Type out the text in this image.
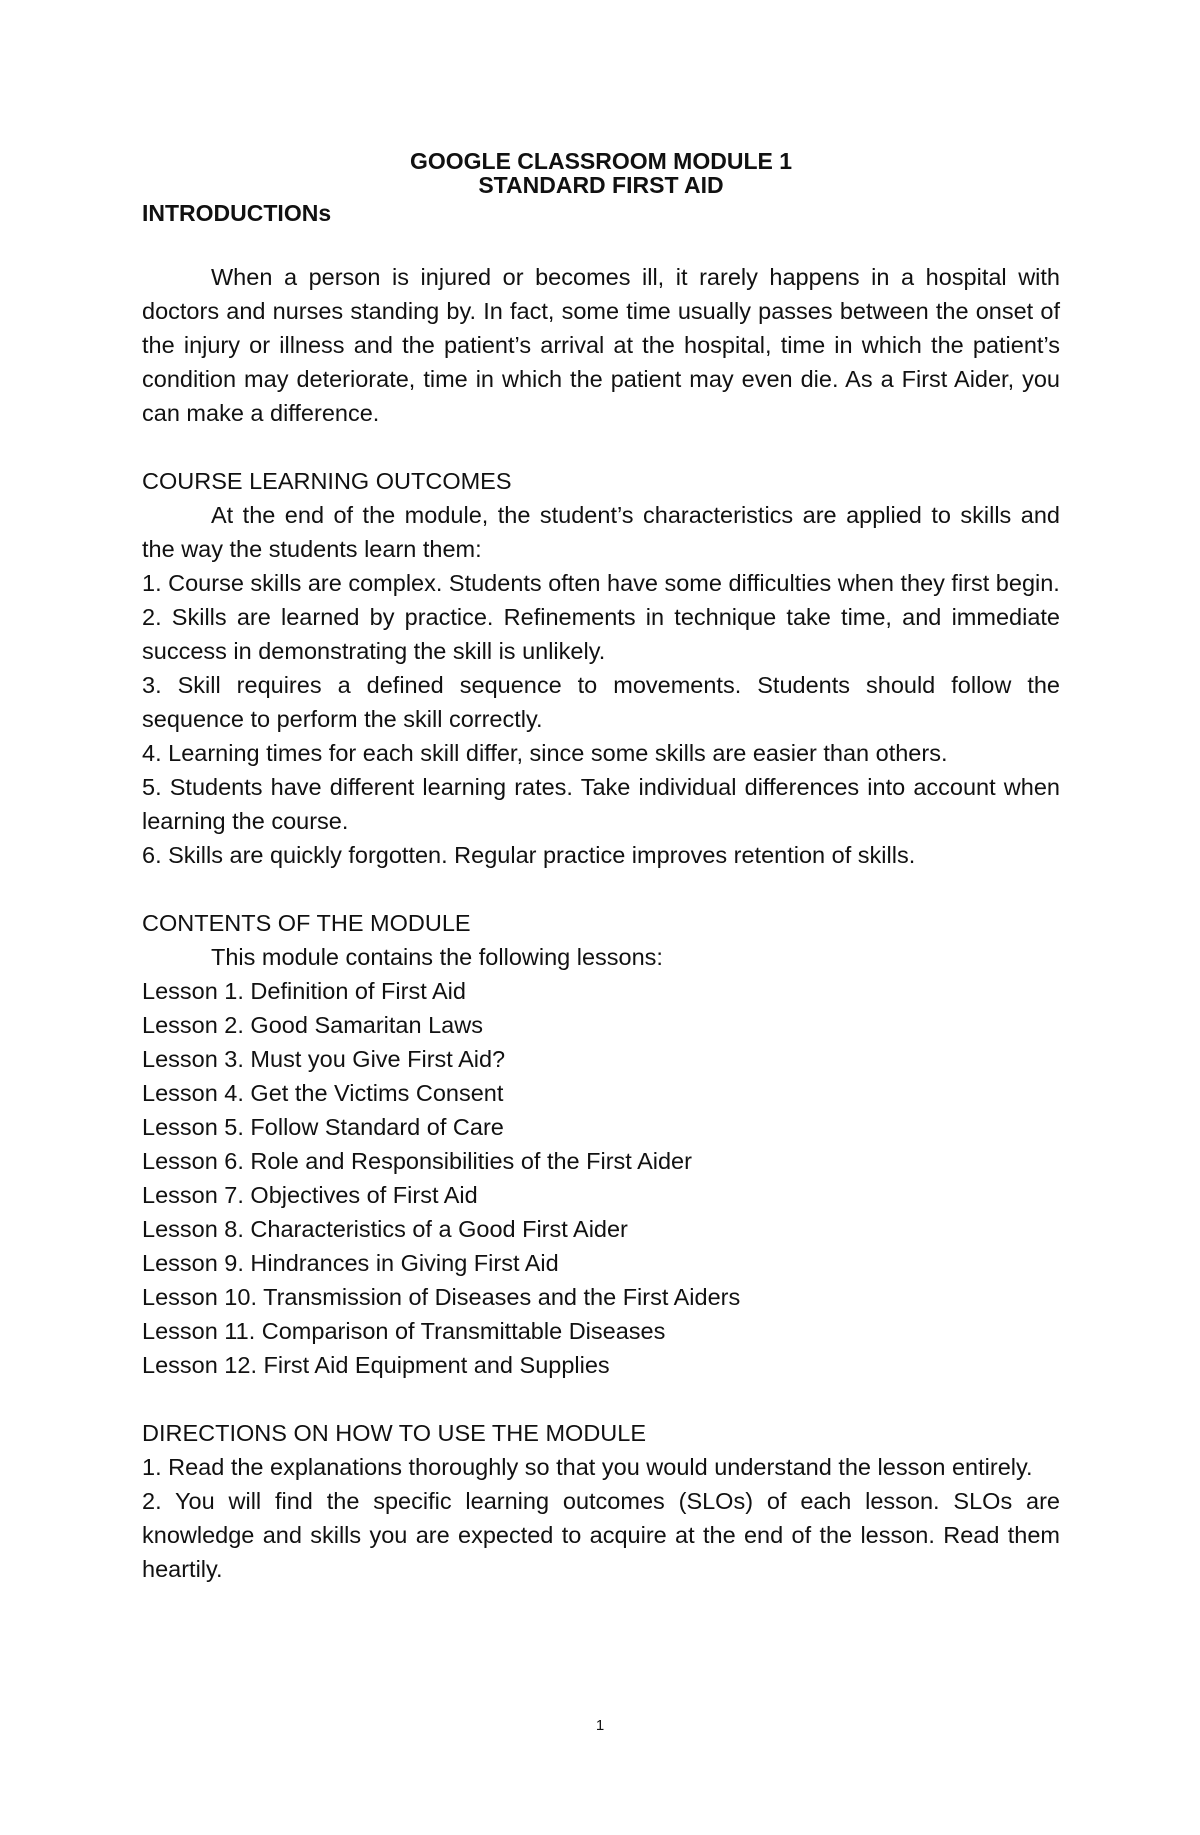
GOOGLE CLASSROOM MODULE 1

STANDARD FIRST AID

INTRODUCTIONs

When a person is injured or becomes ill, it rarely happens in a hospital with doctors and nurses standing by. In fact, some time usually passes between the onset of the injury or illness and the patient’s arrival at the hospital, time in which the patient’s condition may deteriorate, time in which the patient may even die. As a First Aider, you can make a difference.

COURSE LEARNING OUTCOMES

At the end of the module, the student’s characteristics are applied to skills and the way the students learn them:

1. Course skills are complex. Students often have some difficulties when they first begin.
2. Skills are learned by practice. Refinements in technique take time, and immediate success in demonstrating the skill is unlikely.
3. Skill requires a defined sequence to movements. Students should follow the sequence to perform the skill correctly.
4. Learning times for each skill differ, since some skills are easier than others.
5. Students have different learning rates. Take individual differences into account when learning the course.
6. Skills are quickly forgotten. Regular practice improves retention of skills.

CONTENTS OF THE MODULE

This module contains the following lessons:

Lesson 1. Definition of First Aid
Lesson 2. Good Samaritan Laws
Lesson 3. Must you Give First Aid?
Lesson 4. Get the Victims Consent
Lesson 5. Follow Standard of Care
Lesson 6. Role and Responsibilities of the First Aider
Lesson 7. Objectives of First Aid
Lesson 8. Characteristics of a Good First Aider
Lesson 9. Hindrances in Giving First Aid
Lesson 10. Transmission of Diseases and the First Aiders
Lesson 11. Comparison of Transmittable Diseases
Lesson 12. First Aid Equipment and Supplies

DIRECTIONS ON HOW TO USE THE MODULE

1. Read the explanations thoroughly so that you would understand the lesson entirely.
2. You will find the specific learning outcomes (SLOs) of each lesson. SLOs are knowledge and skills you are expected to acquire at the end of the lesson. Read them heartily.
1
